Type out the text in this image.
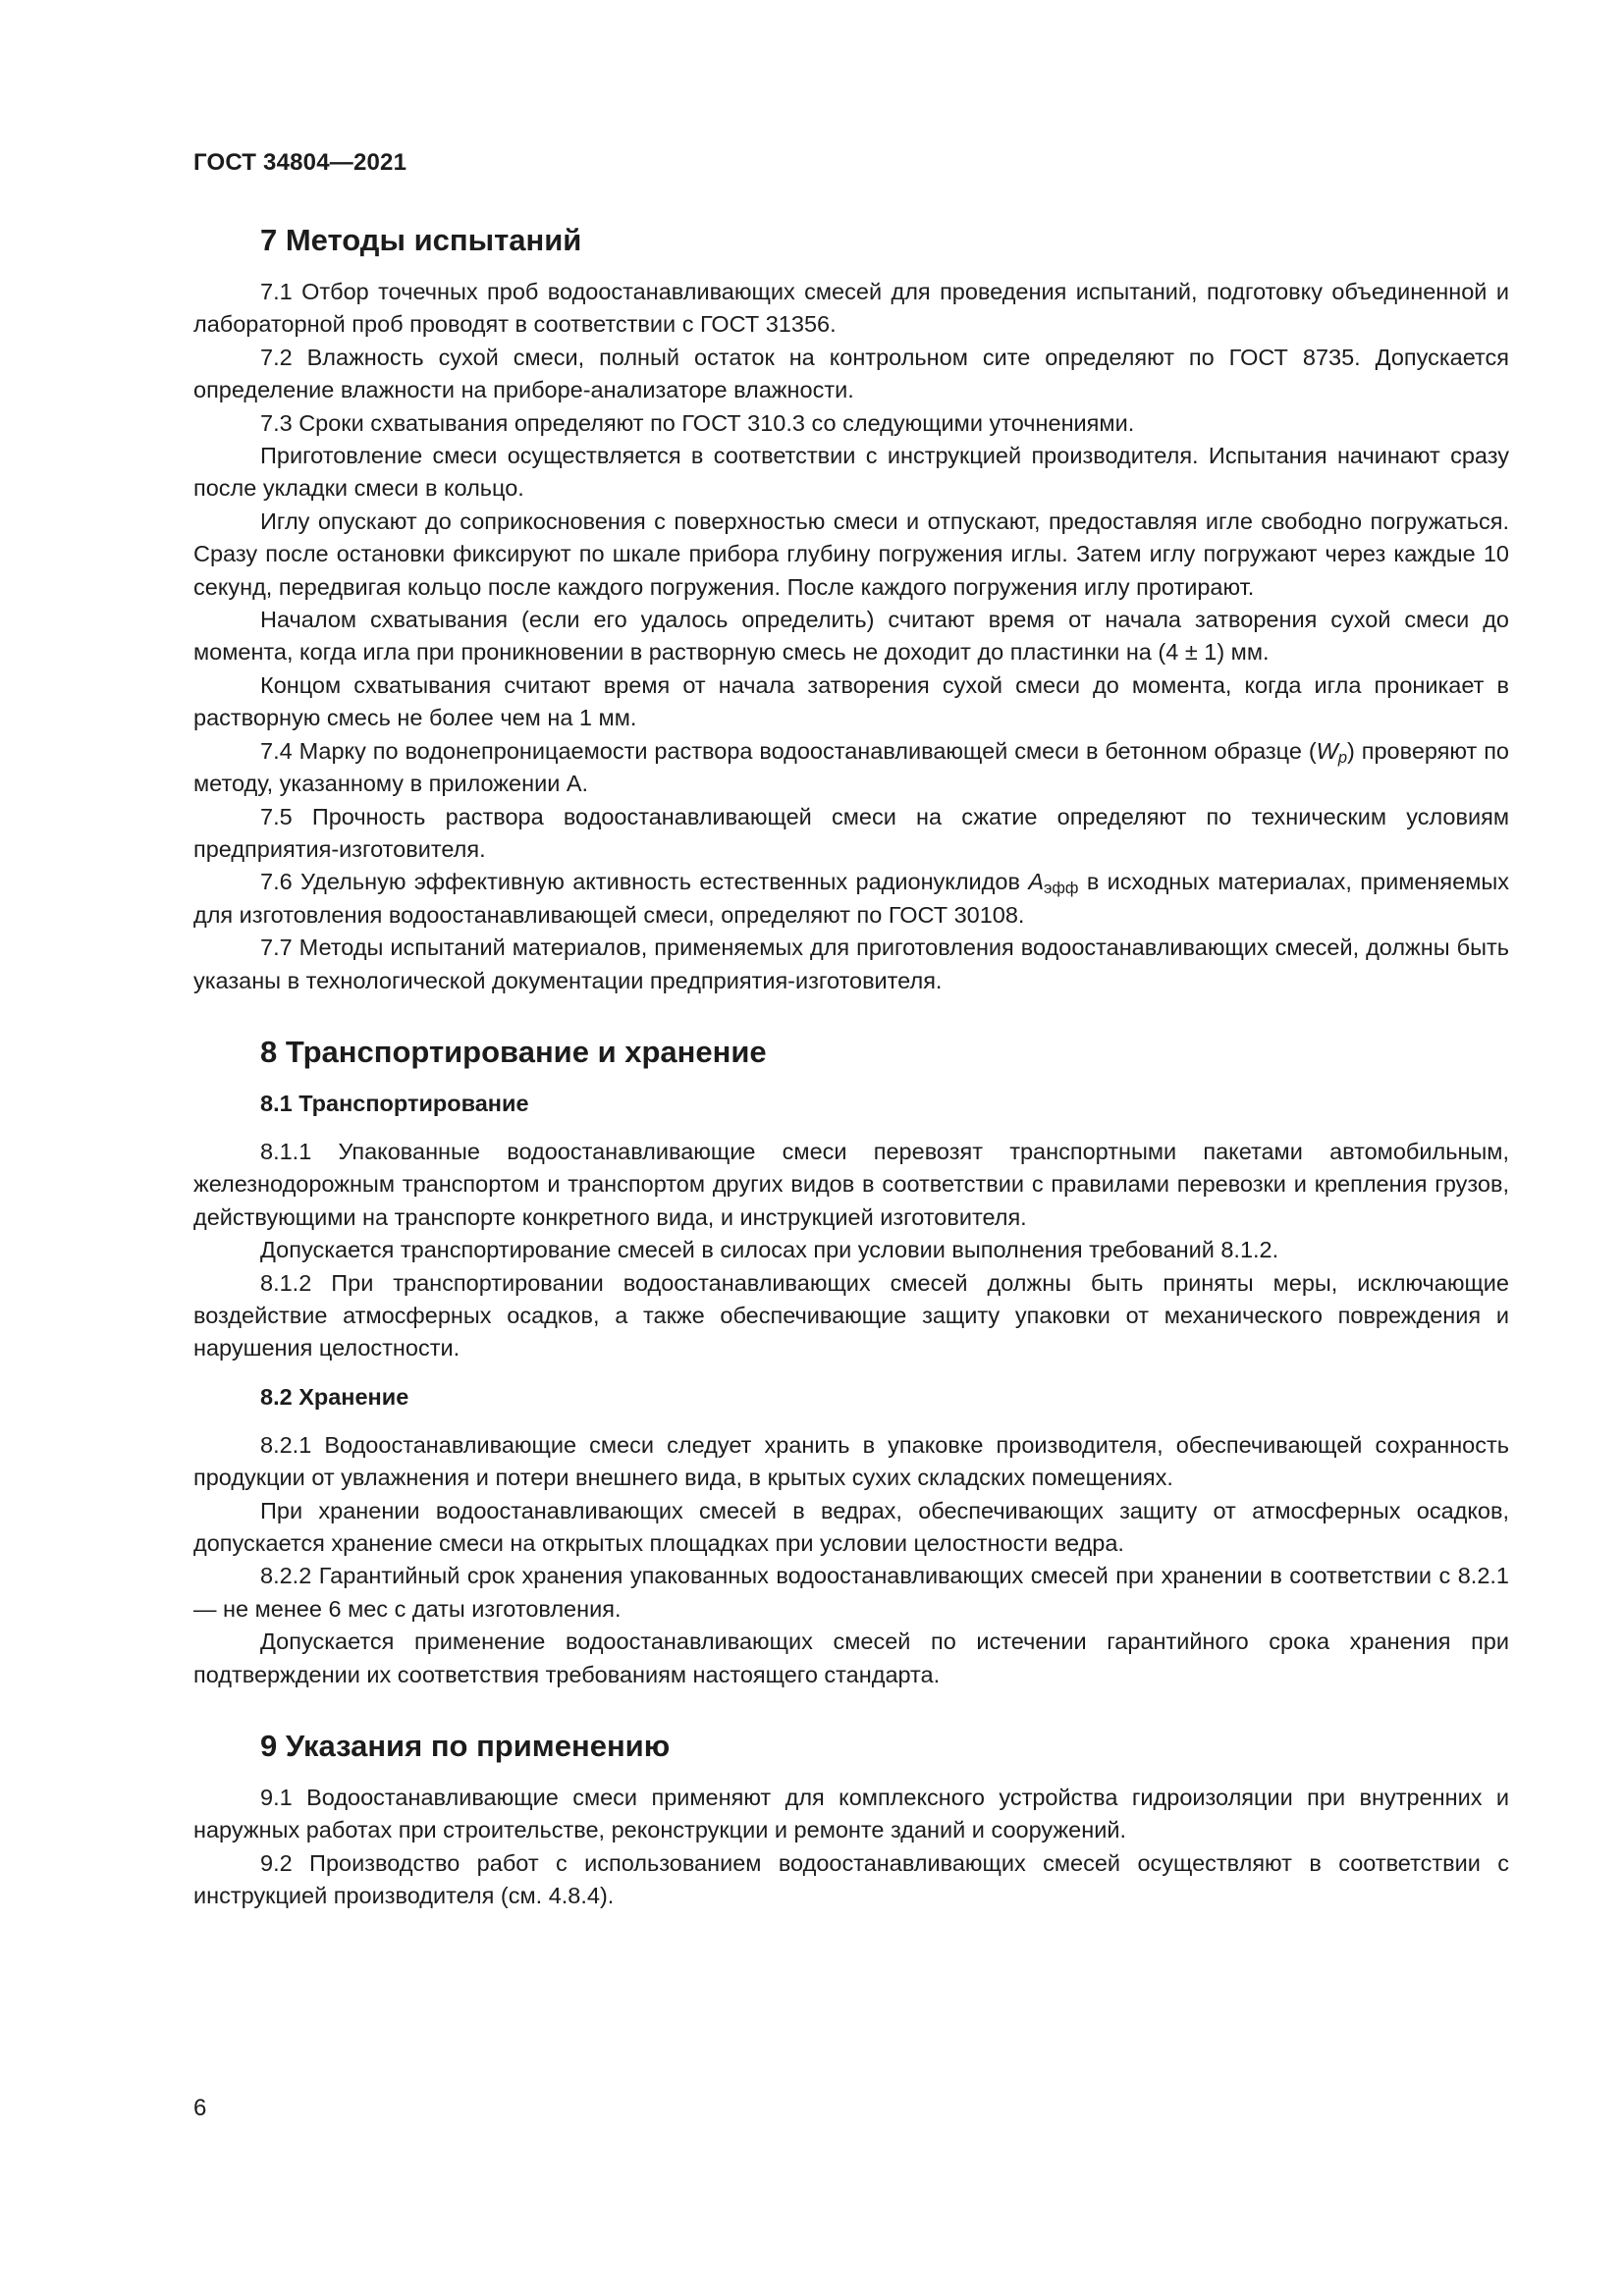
ГОСТ 34804—2021
7 Методы испытаний

7.1 Отбор точечных проб водоостанавливающих смесей для проведения испытаний, подготовку объединенной и лабораторной проб проводят в соответствии с ГОСТ 31356.

7.2 Влажность сухой смеси, полный остаток на контрольном сите определяют по ГОСТ 8735. Допускается определение влажности на приборе-анализаторе влажности.

7.3 Сроки схватывания определяют по ГОСТ 310.3 со следующими уточнениями.

Приготовление смеси осуществляется в соответствии с инструкцией производителя. Испытания начинают сразу после укладки смеси в кольцо.

Иглу опускают до соприкосновения с поверхностью смеси и отпускают, предоставляя игле свободно погружаться. Сразу после остановки фиксируют по шкале прибора глубину погружения иглы. Затем иглу погружают через каждые 10 секунд, передвигая кольцо после каждого погружения. После каждого погружения иглу протирают.

Началом схватывания (если его удалось определить) считают время от начала затворения сухой смеси до момента, когда игла при проникновении в растворную смесь не доходит до пластинки на (4 ± 1) мм.

Концом схватывания считают время от начала затворения сухой смеси до момента, когда игла проникает в растворную смесь не более чем на 1 мм.

7.4 Марку по водонепроницаемости раствора водоостанавливающей смеси в бетонном образце $(W_p)$ проверяют по методу, указанному в приложении А.

7.5 Прочность раствора водоостанавливающей смеси на сжатие определяют по техническим условиям предприятия-изготовителя.

7.6 Удельную эффективную активность естественных радионуклидов $A_{эфф}$ в исходных материалах, применяемых для изготовления водоостанавливающей смеси, определяют по ГОСТ 30108.

7.7 Методы испытаний материалов, применяемых для приготовления водоостанавливающих смесей, должны быть указаны в технологической документации предприятия-изготовителя.

8 Транспортирование и хранение
8.1 Транспортирование

8.1.1 Упакованные водоостанавливающие смеси перевозят транспортными пакетами автомобильным, железнодорожным транспортом и транспортом других видов в соответствии с правилами перевозки и крепления грузов, действующими на транспорте конкретного вида, и инструкцией изготовителя.

Допускается транспортирование смесей в силосах при условии выполнения требований 8.1.2.

8.1.2 При транспортировании водоостанавливающих смесей должны быть приняты меры, исключающие воздействие атмосферных осадков, а также обеспечивающие защиту упаковки от механического повреждения и нарушения целостности.

8.2 Хранение

8.2.1 Водоостанавливающие смеси следует хранить в упаковке производителя, обеспечивающей сохранность продукции от увлажнения и потери внешнего вида, в крытых сухих складских помещениях.

При хранении водоостанавливающих смесей в ведрах, обеспечивающих защиту от атмосферных осадков, допускается хранение смеси на открытых площадках при условии целостности ведра.

8.2.2 Гарантийный срок хранения упакованных водоостанавливающих смесей при хранении в соответствии с 8.2.1 — не менее 6 мес с даты изготовления.

Допускается применение водоостанавливающих смесей по истечении гарантийного срока хранения при подтверждении их соответствия требованиям настоящего стандарта.

9 Указания по применению

9.1 Водоостанавливающие смеси применяют для комплексного устройства гидроизоляции при внутренних и наружных работах при строительстве, реконструкции и ремонте зданий и сооружений.

9.2 Производство работ с использованием водоостанавливающих смесей осуществляют в соответствии с инструкцией производителя (см. 4.8.4).

6
